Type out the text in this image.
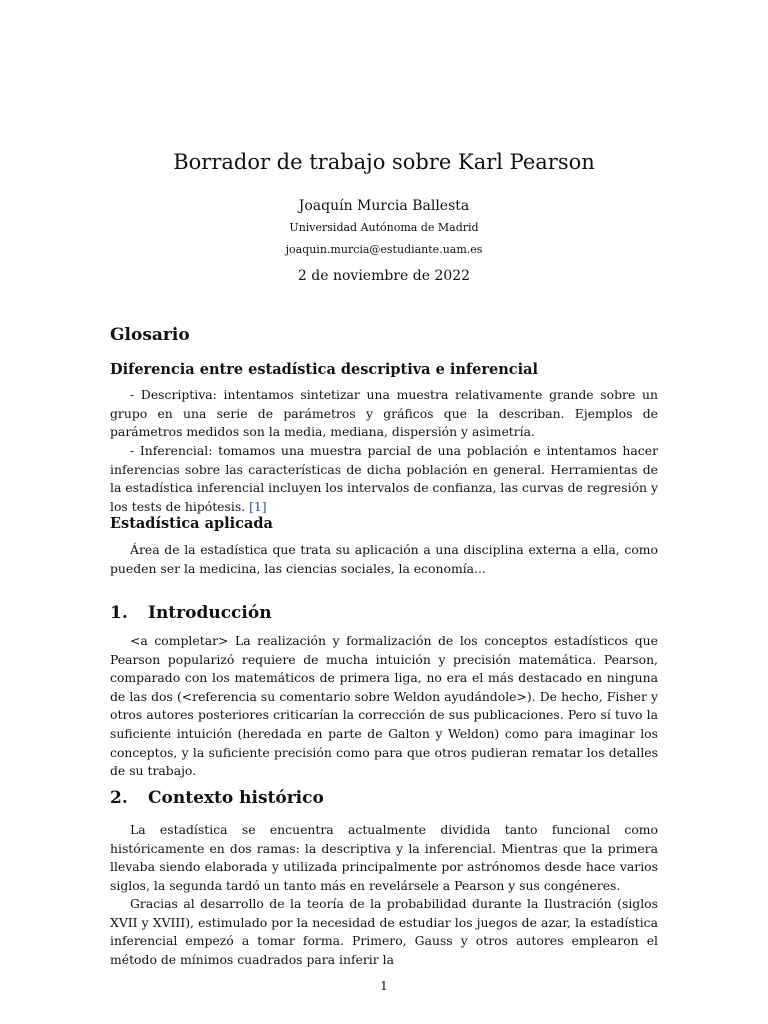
Borrador de trabajo sobre Karl Pearson
Joaquín Murcia Ballesta
Universidad Autónoma de Madrid
joaquin.murcia@estudiante.uam.es
2 de noviembre de 2022
Glosario
Diferencia entre estadística descriptiva e inferencial
- Descriptiva: intentamos sintetizar una muestra relativamente grande sobre un grupo en una serie de parámetros y gráficos que la describan. Ejemplos de parámetros medidos son la media, mediana, dispersión y asimetría.
- Inferencial: tomamos una muestra parcial de una población e intentamos hacer inferencias sobre las características de dicha población en general. Herramientas de la estadística inferencial incluyen los intervalos de confianza, las curvas de regresión y los tests de hipótesis. [1]
Estadística aplicada
Área de la estadística que trata su aplicación a una disciplina externa a ella, como pueden ser la medicina, las ciencias sociales, la economía...
1. Introducción
<a completar> La realización y formalización de los conceptos estadísticos que Pearson popularizó requiere de mucha intuición y precisión matemática. Pearson, comparado con los matemáticos de primera liga, no era el más destacado en ninguna de las dos (<referencia su comentario sobre Weldon ayudándole>). De hecho, Fisher y otros autores posteriores criticarían la corrección de sus publicaciones. Pero sí tuvo la suficiente intuición (heredada en parte de Galton y Weldon) como para imaginar los conceptos, y la suficiente precisión como para que otros pudieran rematar los detalles de su trabajo.
2. Contexto histórico
La estadística se encuentra actualmente dividida tanto funcional como históricamente en dos ramas: la descriptiva y la inferencial. Mientras que la primera llevaba siendo elaborada y utilizada principalmente por astrónomos desde hace varios siglos, la segunda tardó un tanto más en revelársele a Pearson y sus congéneres.
Gracias al desarrollo de la teoría de la probabilidad durante la Ilustración (siglos XVII y XVIII), estimulado por la necesidad de estudiar los juegos de azar, la estadística inferencial empezó a tomar forma. Primero, Gauss y otros autores emplearon el método de mínimos cuadrados para inferir la
1
